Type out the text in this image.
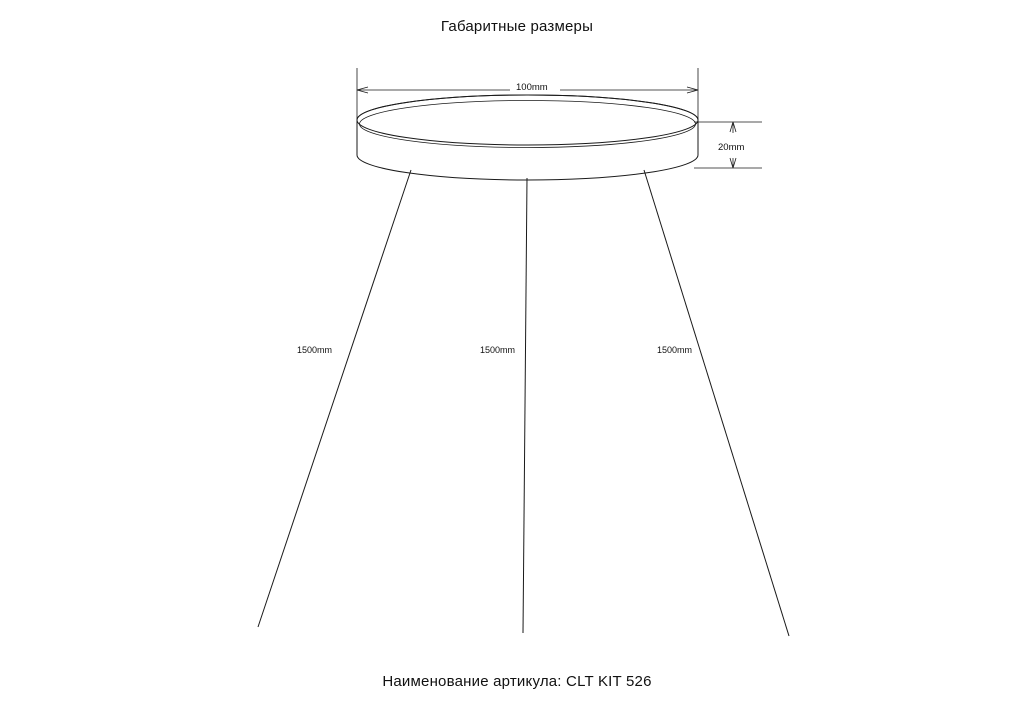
Габаритные размеры
100mm
20mm
1500mm	1500mm	1500mm
Наименование артикула: CLT KIT 526
